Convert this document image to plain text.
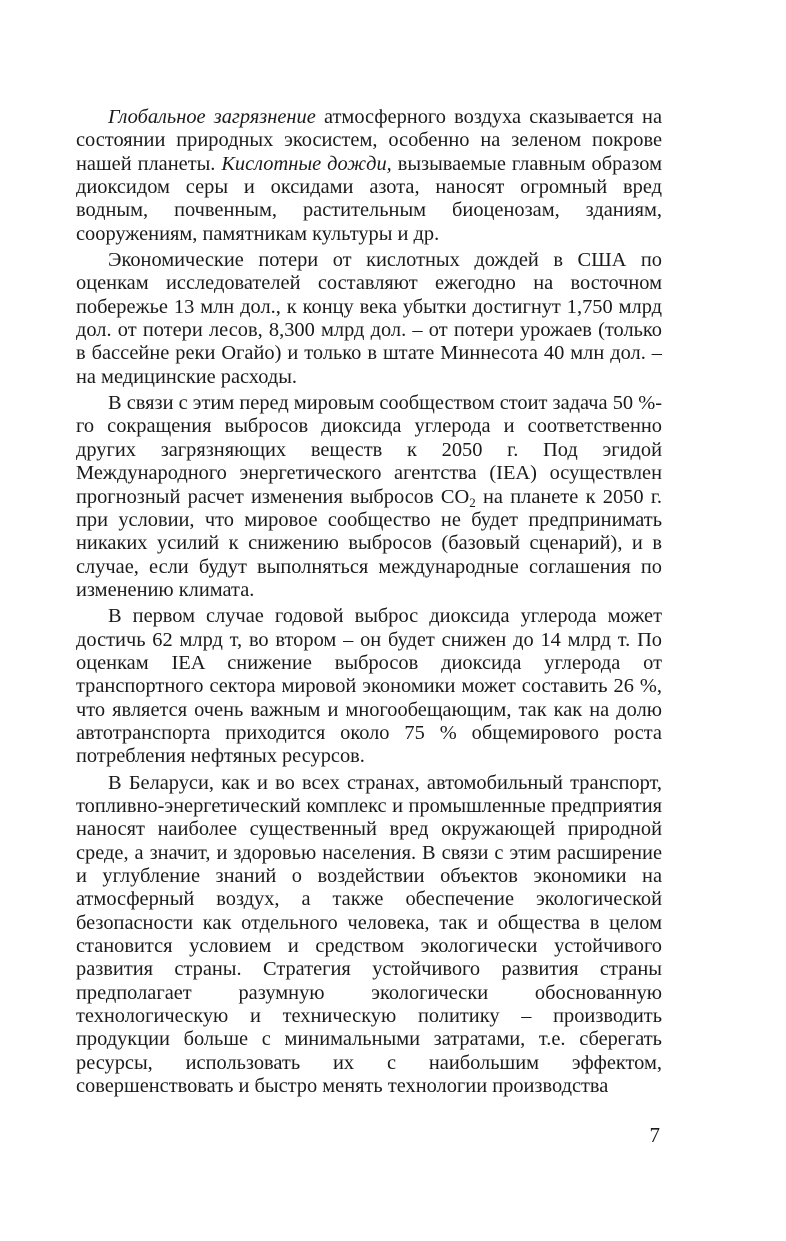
Глобальное загрязнение атмосферного воздуха сказывается на состоянии природных экосистем, особенно на зеленом покрове нашей планеты. Кислотные дожди, вызываемые главным образом диоксидом серы и оксидами азота, наносят огромный вред водным, почвенным, растительным биоценозам, зданиям, сооружениям, памятникам культуры и др.

Экономические потери от кислотных дождей в США по оценкам исследователей составляют ежегодно на восточном побережье 13 млн дол., к концу века убытки достигнут 1,750 млрд дол. от потери лесов, 8,300 млрд дол. – от потери урожаев (только в бассейне реки Огайо) и только в штате Миннесота 40 млн дол. – на медицинские расходы.

В связи с этим перед мировым сообществом стоит задача 50 %-го сокращения выбросов диоксида углерода и соответственно других загрязняющих веществ к 2050 г. Под эгидой Международного энергетического агентства (IEA) осуществлен прогнозный расчет изменения выбросов $СО_2$ на планете к 2050 г. при условии, что мировое сообщество не будет предпринимать никаких усилий к снижению выбросов (базовый сценарий), и в случае, если будут выполняться международные соглашения по изменению климата.

В первом случае годовой выброс диоксида углерода может достичь 62 млрд т, во втором – он будет снижен до 14 млрд т. По оценкам IEA снижение выбросов диоксида углерода от транспортного сектора мировой экономики может составить 26 %, что является очень важным и многообещающим, так как на долю автотранспорта приходится около 75 % общемирового роста потребления нефтяных ресурсов.

В Беларуси, как и во всех странах, автомобильный транспорт, топливно-энергетический комплекс и промышленные предприятия наносят наиболее существенный вред окружающей природной среде, а значит, и здоровью населения. В связи с этим расширение и углубление знаний о воздействии объектов экономики на атмосферный воздух, а также обеспечение экологической безопасности как отдельного человека, так и общества в целом становится условием и средством экологически устойчивого развития страны. Стратегия устойчивого развития страны предполагает разумную экологически обоснованную технологическую и техническую политику – производить продукции больше с минимальными затратами, т.е. сберегать ресурсы, использовать их с наибольшим эффектом, совершенствовать и быстро менять технологии производства

7
